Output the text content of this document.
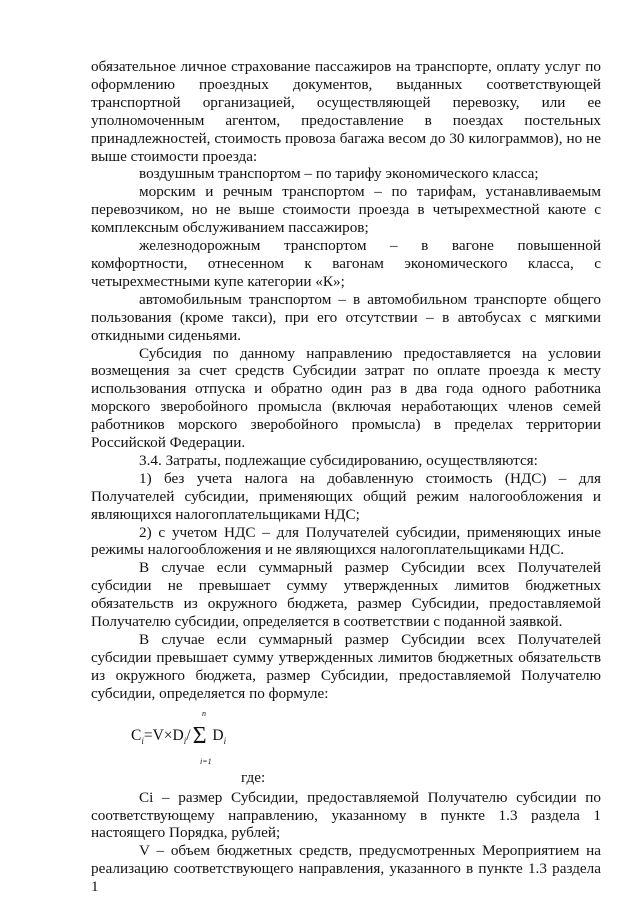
обязательное личное страхование пассажиров на транспорте, оплату услуг по оформлению проездных документов, выданных соответствующей транспортной организацией, осуществляющей перевозку, или ее уполномоченным агентом, предоставление в поездах постельных принадлежностей, стоимость провоза багажа весом до 30 килограммов), но не выше стоимости проезда:

воздушным транспортом – по тарифу экономического класса;

морским и речным транспортом – по тарифам, устанавливаемым перевозчиком, но не выше стоимости проезда в четырехместной каюте с комплексным обслуживанием пассажиров;

железнодорожным транспортом – в вагоне повышенной комфортности, отнесенном к вагонам экономического класса, с четырехместными купе категории «К»;

автомобильным транспортом – в автомобильном транспорте общего пользования (кроме такси), при его отсутствии – в автобусах с мягкими откидными сиденьями.

Субсидия по данному направлению предоставляется на условии возмещения за счет средств Субсидии затрат по оплате проезда к месту использования отпуска и обратно один раз в два года одного работника морского зверобойного промысла (включая неработающих членов семей работников морского зверобойного промысла) в пределах территории Российской Федерации.

3.4. Затраты, подлежащие субсидированию, осуществляются:

1) без учета налога на добавленную стоимость (НДС) – для Получателей субсидии, применяющих общий режим налогообложения и являющихся налогоплательщиками НДС;

2) с учетом НДС – для Получателей субсидии, применяющих иные режимы налогообложения и не являющихся налогоплательщиками НДС.

В случае если суммарный размер Субсидии всех Получателей субсидии не превышает сумму утвержденных лимитов бюджетных обязательств из окружного бюджета, размер Субсидии, предоставляемой Получателю субсидии, определяется в соответствии с поданной заявкой.

В случае если суммарный размер Субсидии всех Получателей субсидии превышает сумму утвержденных лимитов бюджетных обязательств из окружного бюджета, размер Субсидии, предоставляемой Получателю субсидии, определяется по формуле:

n
$C_i=V\times D_i/\Sigma$ $D_i$
i=1

где:

Ci – размер Субсидии, предоставляемой Получателю субсидии по соответствующему направлению, указанному в пункте 1.3 раздела 1 настоящего Порядка, рублей;

V – объем бюджетных средств, предусмотренных Мероприятием на реализацию соответствующего направления, указанного в пункте 1.3 раздела 1
